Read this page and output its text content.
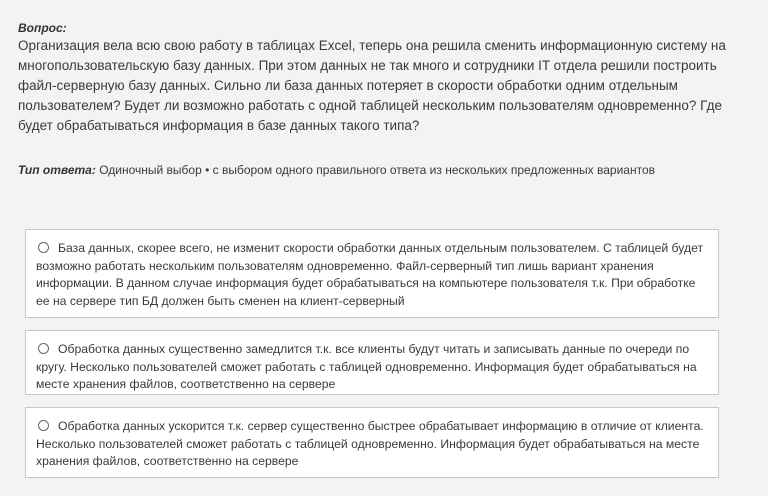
Вопрос:
Организация вела всю свою работу в таблицах Excel, теперь она решила сменить информационную систему на многопользовательскую базу данных. При этом данных не так много и сотрудники IT отдела решили построить файл-серверную базу данных. Сильно ли база данных потеряет в скорости обработки одним отдельным пользователем? Будет ли возможно работать с одной таблицей нескольким пользователям одновременно? Где будет обрабатываться информация в базе данных такого типа?
Тип ответа: Одиночный выбор • с выбором одного правильного ответа из нескольких предложенных вариантов
База данных, скорее всего, не изменит скорости обработки данных отдельным пользователем. С таблицей будет возможно работать нескольким пользователям одновременно. Файл-серверный тип лишь вариант хранения информации. В данном случае информация будет обрабатываться на компьютере пользователя т.к. При обработке ее на сервере тип БД должен быть сменен на клиент-серверный
Обработка данных существенно замедлится т.к. все клиенты будут читать и записывать данные по очереди по кругу. Несколько пользователей сможет работать с таблицей одновременно. Информация будет обрабатываться на месте хранения файлов, соответственно на сервере
Обработка данных ускорится т.к. сервер существенно быстрее обрабатывает информацию в отличие от клиента. Несколько пользователей сможет работать с таблицей одновременно. Информация будет обрабатываться на месте хранения файлов, соответственно на сервере
